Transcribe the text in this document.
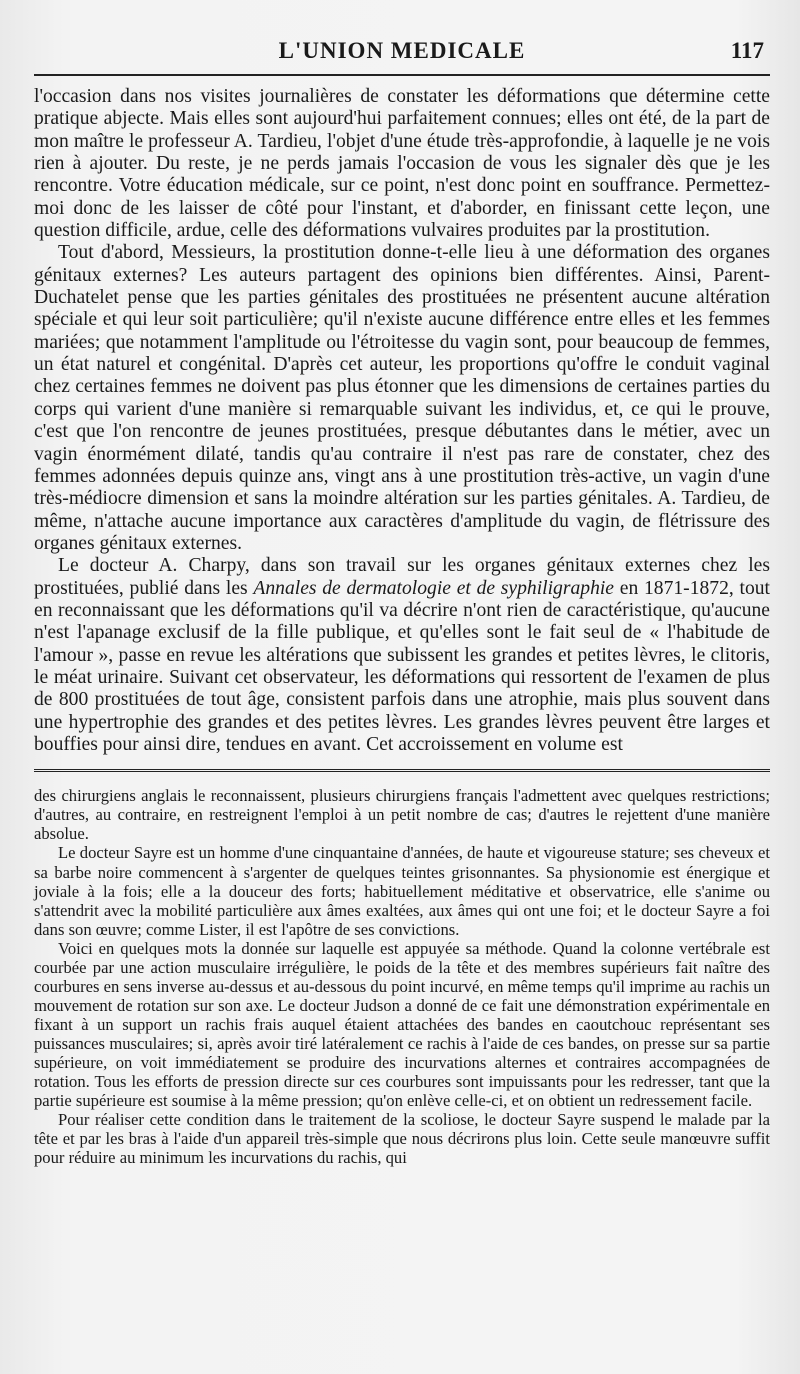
L'UNION MEDICALE	117

l'occasion dans nos visites journalières de constater les déformations que détermine cette pratique abjecte. Mais elles sont aujourd'hui parfaitement connues; elles ont été, de la part de mon maître le professeur A. Tardieu, l'objet d'une étude très-approfondie, à laquelle je ne vois rien à ajouter. Du reste, je ne perds jamais l'occasion de vous les signaler dès que je les rencontre. Votre éducation médicale, sur ce point, n'est donc point en souffrance. Permettez-moi donc de les laisser de côté pour l'instant, et d'aborder, en finissant cette leçon, une question difficile, ardue, celle des déformations vulvaires produites par la prostitution.

Tout d'abord, Messieurs, la prostitution donne-t-elle lieu à une déformation des organes génitaux externes? Les auteurs partagent des opinions bien différentes. Ainsi, Parent-Duchatelet pense que les parties génitales des prostituées ne présentent aucune altération spéciale et qui leur soit particulière; qu'il n'existe aucune différence entre elles et les femmes mariées; que notamment l'amplitude ou l'étroitesse du vagin sont, pour beaucoup de femmes, un état naturel et congénital. D'après cet auteur, les proportions qu'offre le conduit vaginal chez certaines femmes ne doivent pas plus étonner que les dimensions de certaines parties du corps qui varient d'une manière si remarquable suivant les individus, et, ce qui le prouve, c'est que l'on rencontre de jeunes prostituées, presque débutantes dans le métier, avec un vagin énormément dilaté, tandis qu'au contraire il n'est pas rare de constater, chez des femmes adonnées depuis quinze ans, vingt ans à une prostitution très-active, un vagin d'une très-médiocre dimension et sans la moindre altération sur les parties génitales. A. Tardieu, de même, n'attache aucune importance aux caractères d'amplitude du vagin, de flétrissure des organes génitaux externes.

Le docteur A. Charpy, dans son travail sur les organes génitaux externes chez les prostituées, publié dans les Annales de dermatologie et de syphiligraphie en 1871-1872, tout en reconnaissant que les déformations qu'il va décrire n'ont rien de caractéristique, qu'aucune n'est l'apanage exclusif de la fille publique, et qu'elles sont le fait seul de « l'habitude de l'amour », passe en revue les altérations que subissent les grandes et petites lèvres, le clitoris, le méat urinaire. Suivant cet observateur, les déformations qui ressortent de l'examen de plus de 800 prostituées de tout âge, consistent parfois dans une atrophie, mais plus souvent dans une hypertrophie des grandes et des petites lèvres. Les grandes lèvres peuvent être larges et bouffies pour ainsi dire, tendues en avant. Cet accroissement en volume est

des chirurgiens anglais le reconnaissent, plusieurs chirurgiens français l'admettent avec quelques restrictions; d'autres, au contraire, en restreignent l'emploi à un petit nombre de cas; d'autres le rejettent d'une manière absolue.

Le docteur Sayre est un homme d'une cinquantaine d'années, de haute et vigoureuse stature; ses cheveux et sa barbe noire commencent à s'argenter de quelques teintes grisonnantes. Sa physionomie est énergique et joviale à la fois; elle a la douceur des forts; habituellement méditative et observatrice, elle s'anime ou s'attendrit avec la mobilité particulière aux âmes exaltées, aux âmes qui ont une foi; et le docteur Sayre a foi dans son œuvre; comme Lister, il est l'apôtre de ses convictions.

Voici en quelques mots la donnée sur laquelle est appuyée sa méthode. Quand la colonne vertébrale est courbée par une action musculaire irrégulière, le poids de la tête et des membres supérieurs fait naître des courbures en sens inverse au-dessus et au-dessous du point incurvé, en même temps qu'il imprime au rachis un mouvement de rotation sur son axe. Le docteur Judson a donné de ce fait une démonstration expérimentale en fixant à un support un rachis frais auquel étaient attachées des bandes en caoutchouc représentant ses puissances musculaires; si, après avoir tiré latéralement ce rachis à l'aide de ces bandes, on presse sur sa partie supérieure, on voit immédiatement se produire des incurvations alternes et contraires accompagnées de rotation. Tous les efforts de pression directe sur ces courbures sont impuissants pour les redresser, tant que la partie supérieure est soumise à la même pression; qu'on enlève celle-ci, et on obtient un redressement facile.

Pour réaliser cette condition dans le traitement de la scoliose, le docteur Sayre suspend le malade par la tête et par les bras à l'aide d'un appareil très-simple que nous décrirons plus loin. Cette seule manœuvre suffit pour réduire au minimum les incurvations du rachis, qui
